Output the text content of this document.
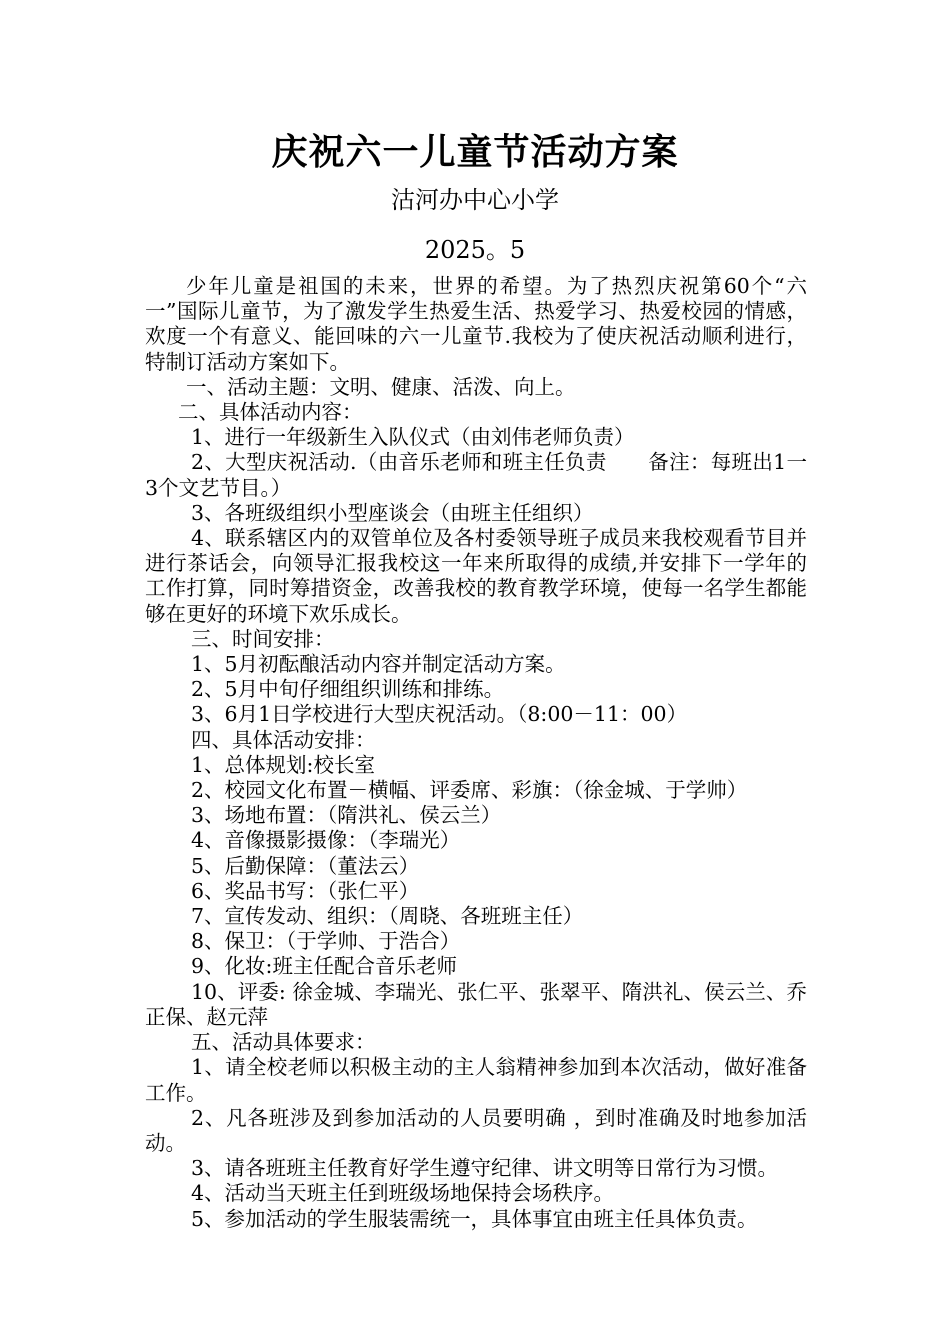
庆祝六一儿童节活动方案
沽河办中心小学
2025。5

少年儿童是祖国的未来，世界的希望。为了热烈庆祝第60个“六一”国际儿童节，为了激发学生热爱生活、热爱学习、热爱校园的情感，欢度一个有意义、能回味的六一儿童节.我校为了使庆祝活动顺利进行，特制订活动方案如下。

一、活动主题：文明、健康、活泼、向上。

二、具体活动内容：

1、进行一年级新生入队仪式（由刘伟老师负责）

2、大型庆祝活动.（由音乐老师和班主任负责　　备注：每班出1一3个文艺节目。）

3、各班级组织小型座谈会（由班主任组织）

4、联系辖区内的双管单位及各村委领导班子成员来我校观看节目并进行茶话会，向领导汇报我校这一年来所取得的成绩,并安排下一学年的工作打算，同时筹措资金，改善我校的教育教学环境，使每一名学生都能够在更好的环境下欢乐成长。

三、时间安排：

1、5月初酝酿活动内容并制定活动方案。

2、5月中旬仔细组织训练和排练。

3、6月1日学校进行大型庆祝活动。（8:00－11：00）

四、具体活动安排：

1、总体规划:校长室

2、校园文化布置－横幅、评委席、彩旗：（徐金城、于学帅）

3、场地布置：（隋洪礼、侯云兰）

4、音像摄影摄像：（李瑞光）

5、后勤保障：（董法云）

6、奖品书写：（张仁平）

7、宣传发动、组织：（周晓、各班班主任）

8、保卫：（于学帅、于浩合）

9、化妆:班主任配合音乐老师

10、评委: 徐金城、李瑞光、张仁平、张翠平、隋洪礼、侯云兰、乔正保、赵元萍

五、活动具体要求：

1、请全校老师以积极主动的主人翁精神参加到本次活动，做好准备工作。

2、凡各班涉及到参加活动的人员要明确 ，到时准确及时地参加活动。

3、请各班班主任教育好学生遵守纪律、讲文明等日常行为习惯。

4、活动当天班主任到班级场地保持会场秩序。

5、参加活动的学生服装需统一，具体事宜由班主任具体负责。
